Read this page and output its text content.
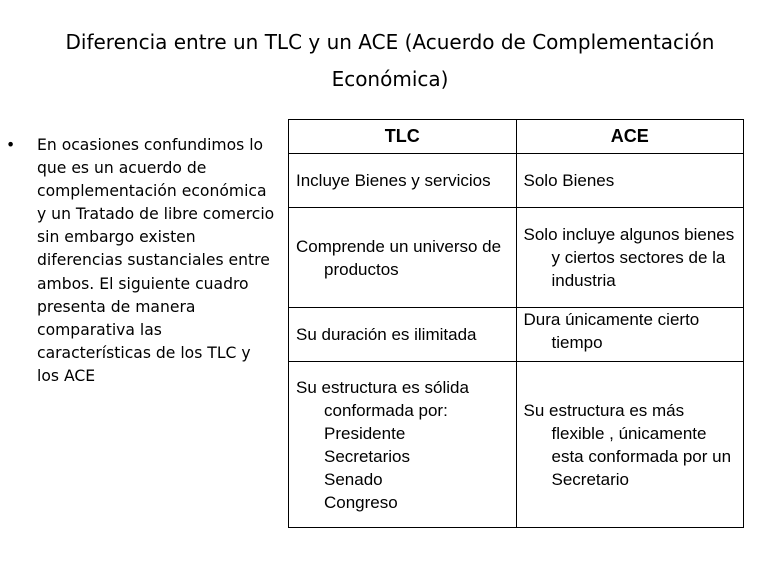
Diferencia entre un TLC y un ACE (Acuerdo de Complementación Económica)
•	En ocasiones confundimos lo que es un acuerdo de complementación económica y un Tratado de libre comercio sin embargo existen diferencias sustanciales entre ambos. El siguiente cuadro presenta de manera comparativa las características de los TLC y los ACE
TLC	ACE

Incluye Bienes y servicios	Solo Bienes

Comprende un universo de productos	Solo incluye algunos bienes y ciertos sectores de la industria

Su duración es ilimitada	Dura únicamente cierto tiempo

Su estructura es sólida conformada por:
Presidente
Secretarios
Senado
Congreso	Su estructura es más flexible , únicamente esta conformada por un Secretario
